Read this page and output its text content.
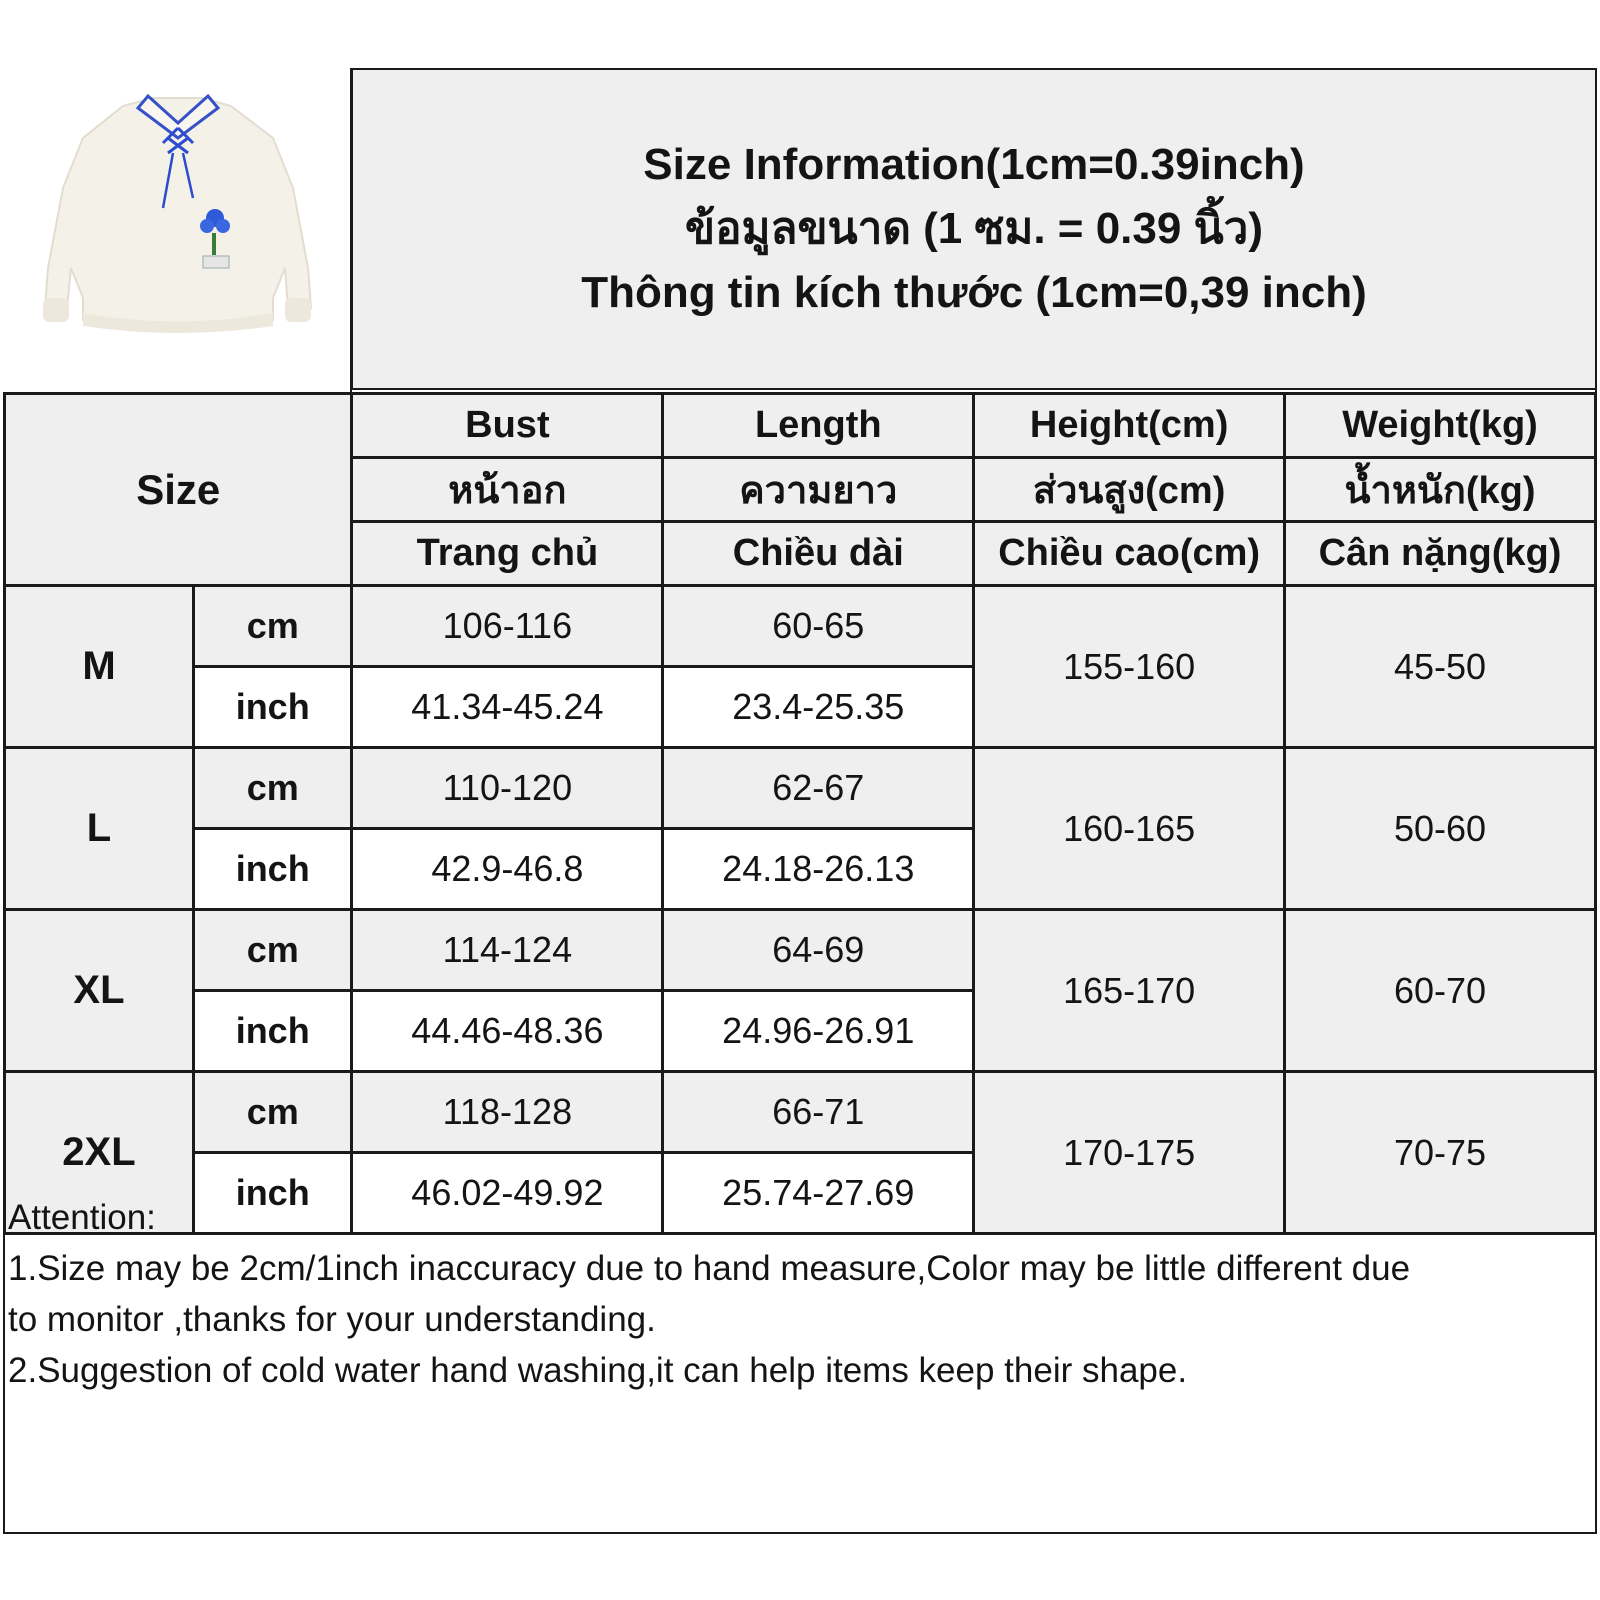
Size Information(1cm=0.39inch)
ข้อมูลขนาด (1 ซม. = 0.39 นิ้ว)
Thông tin kích thước (1cm=0,39 inch)
Size		Bust	Length	Height(cm)	Weight(kg)
		หน้าอก	ความยาว	ส่วนสูง(cm)	น้ำหนัก(kg)
		Trang chủ	Chiều dài	Chiều cao(cm)	Cân nặng(kg)
M	cm	106-116	60-65	155-160	45-50
	inch	41.34-45.24	23.4-25.35		
L	cm	110-120	62-67	160-165	50-60
	inch	42.9-46.8	24.18-26.13		
XL	cm	114-124	64-69	165-170	60-70
	inch	44.46-48.36	24.96-26.91		
2XL	cm	118-128	66-71	170-175	70-75
	inch	46.02-49.92	25.74-27.69		
Attention:
1.Size may be 2cm/1inch inaccuracy due to hand measure,Color may be little different due
to monitor ,thanks for your understanding.
2.Suggestion of cold water hand washing,it can help items keep their shape.
